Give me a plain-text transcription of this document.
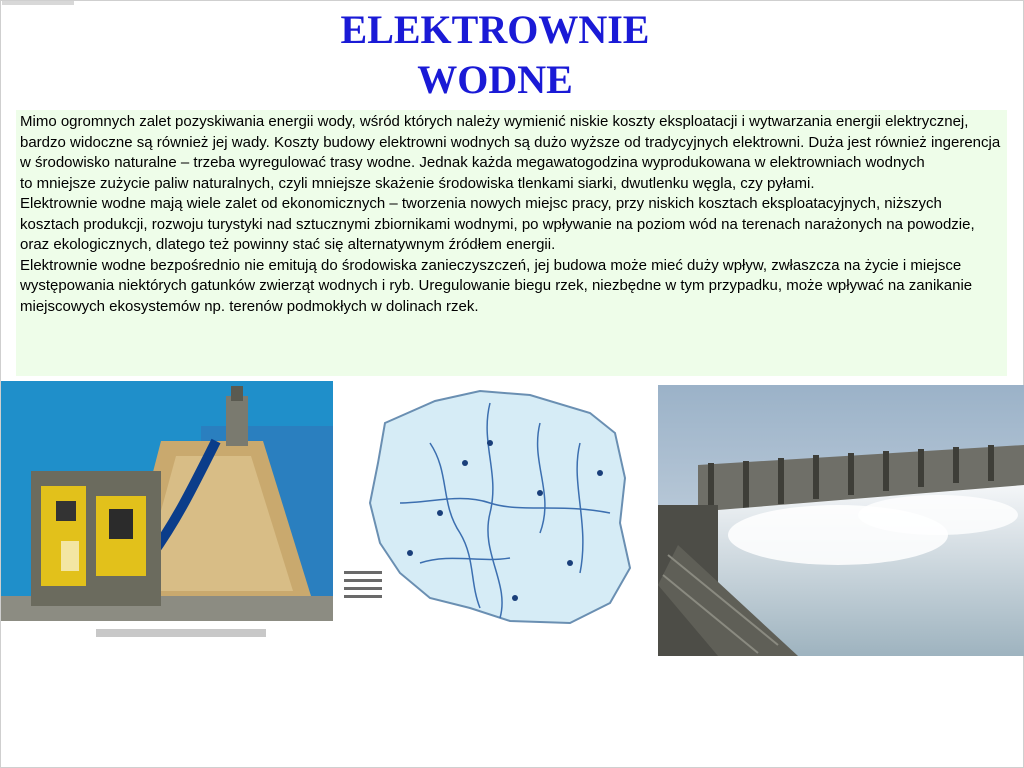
ELEKTROWNIE
WODNE

Mimo ogromnych zalet pozyskiwania energii wody, wśród których należy wymienić niskie koszty eksploatacji i wytwarzania energii elektrycznej, bardzo widoczne są również jej wady. Koszty budowy elektrowni wodnych są dużo wyższe od tradycyjnych elektrowni. Duża jest również ingerencja w środowisko naturalne – trzeba wyregulować trasy wodne. Jednak każda megawatogodzina wyprodukowana w elektrowniach wodnych

to mniejsze zużycie paliw naturalnych, czyli mniejsze skażenie środowiska tlenkami siarki, dwutlenku węgla, czy pyłami.

Elektrownie wodne mają wiele zalet od ekonomicznych – tworzenia nowych miejsc pracy, przy niskich kosztach eksploatacyjnych, niższych kosztach produkcji, rozwoju turystyki nad sztucznymi zbiornikami wodnymi, po wpływanie na poziom wód na terenach narażonych na powodzie, oraz ekologicznych, dlatego też powinny stać się alternatywnym źródłem energii.

Elektrownie wodne bezpośrednio nie emitują do środowiska zanieczyszczeń, jej budowa może mieć duży wpływ, zwłaszcza na życie i miejsce występowania niektórych gatunków zwierząt wodnych i ryb. Uregulowanie biegu rzek, niezbędne w tym przypadku, może wpływać na zanikanie miejscowych ekosystemów np. terenów podmokłych w dolinach rzek.
